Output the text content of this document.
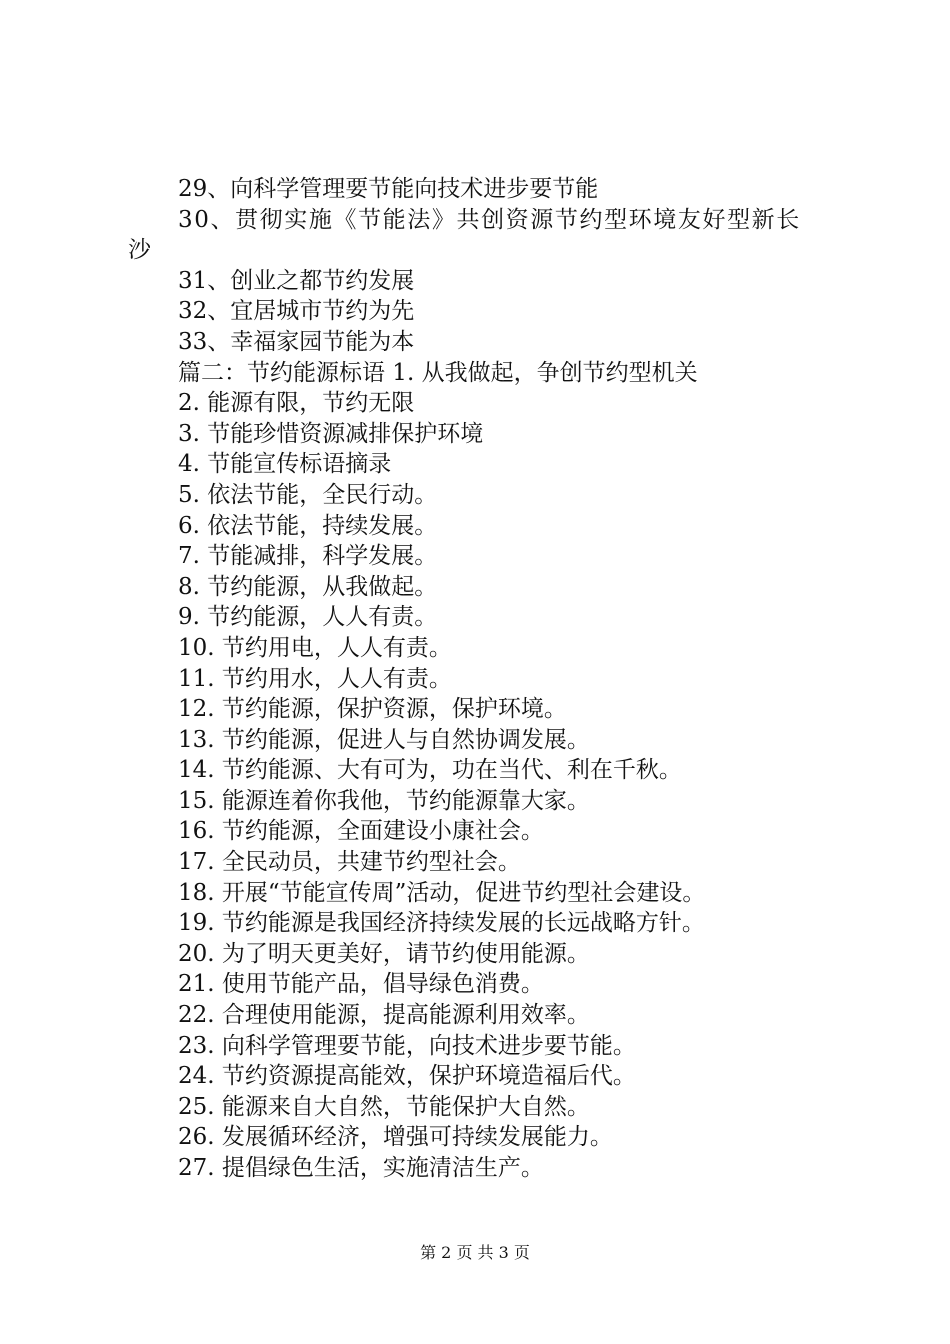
29、向科学管理要节能向技术进步要节能
30、贯彻实施《节能法》共创资源节约型环境友好型新长
沙
31、创业之都节约发展
32、宜居城市节约为先
33、幸福家园节能为本
篇二：节约能源标语 1. 从我做起，争创节约型机关
2. 能源有限，节约无限
3. 节能珍惜资源减排保护环境
4. 节能宣传标语摘录
5. 依法节能，全民行动。
6. 依法节能，持续发展。
7. 节能减排，科学发展。
8. 节约能源，从我做起。
9. 节约能源，人人有责。
10. 节约用电，人人有责。
11. 节约用水，人人有责。
12. 节约能源，保护资源，保护环境。
13. 节约能源，促进人与自然协调发展。
14. 节约能源、大有可为，功在当代、利在千秋。
15. 能源连着你我他，节约能源靠大家。
16. 节约能源，全面建设小康社会。
17. 全民动员，共建节约型社会。
18. 开展“节能宣传周”活动，促进节约型社会建设。
19. 节约能源是我国经济持续发展的长远战略方针。
20. 为了明天更美好，请节约使用能源。
21. 使用节能产品，倡导绿色消费。
22. 合理使用能源，提高能源利用效率。
23. 向科学管理要节能，向技术进步要节能。
24. 节约资源提高能效，保护环境造福后代。
25. 能源来自大自然，节能保护大自然。
26. 发展循环经济，增强可持续发展能力。
27. 提倡绿色生活，实施清洁生产。
第 2 页 共 3 页
